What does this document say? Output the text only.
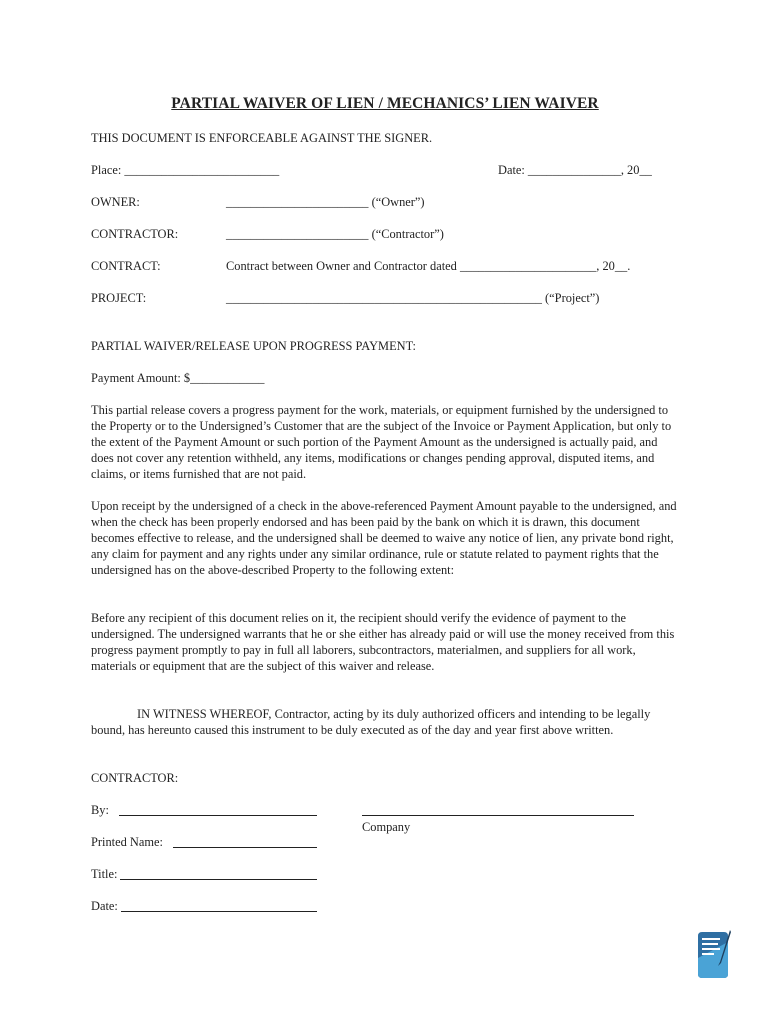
PARTIAL WAIVER OF LIEN / MECHANICS’ LIEN WAIVER
THIS DOCUMENT IS ENFORCEABLE AGAINST THE SIGNER.
Place: _________________________	Date: _______________, 20__
OWNER:	_______________________ (“Owner”)
CONTRACTOR:	_______________________ (“Contractor”)
CONTRACT:	Contract between Owner and Contractor dated ______________________, 20__.
PROJECT:	___________________________________________________ (“Project”)
PARTIAL WAIVER/RELEASE UPON PROGRESS PAYMENT:
Payment Amount: $____________

This partial release covers a progress payment for the work, materials, or equipment furnished by the undersigned to the Property or to the Undersigned’s Customer that are the subject of the Invoice or Payment Application, but only to the extent of the Payment Amount or such portion of the Payment Amount as the undersigned is actually paid, and does not cover any retention withheld, any items, modifications or changes pending approval, disputed items, and claims, or items furnished that are not paid.

Upon receipt by the undersigned of a check in the above-referenced Payment Amount payable to the undersigned, and when the check has been properly endorsed and has been paid by the bank on which it is drawn, this document becomes effective to release, and the undersigned shall be deemed to waive any notice of lien, any private bond right, any claim for payment and any rights under any similar ordinance, rule or statute related to payment rights that the undersigned has on the above-described Property to the following extent:

Before any recipient of this document relies on it, the recipient should verify the evidence of payment to the undersigned. The undersigned warrants that he or she either has already paid or will use the money received from this progress payment promptly to pay in full all laborers, subcontractors, materialmen, and suppliers for all work, materials or equipment that are the subject of this waiver and release.

IN WITNESS WHEREOF, Contractor, acting by its duly authorized officers and intending to be legally bound, has hereunto caused this instrument to be duly executed as of the day and year first above written.

CONTRACTOR:
By:
Company
Printed Name:
Title:
Date:
